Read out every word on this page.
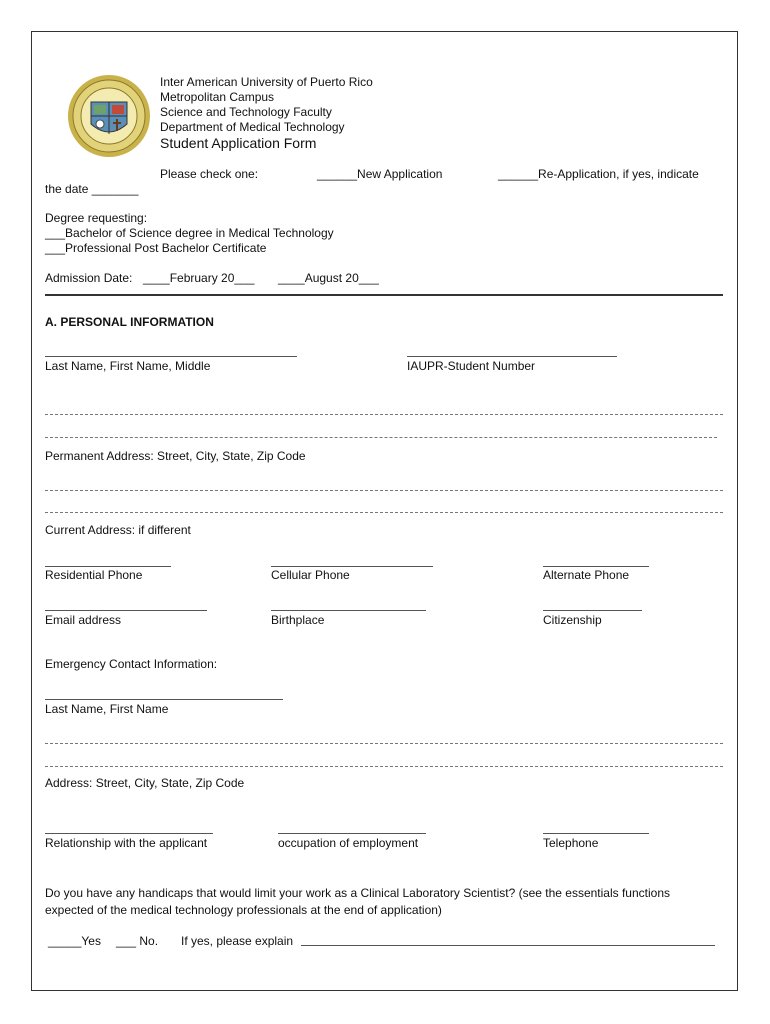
Inter American University of Puerto Rico
Metropolitan Campus
Science and Technology Faculty
Department of Medical Technology
Student Application Form
Please check one:	______New Application	______Re-Application, if yes, indicate
the date _______
Degree requesting:
___Bachelor of Science degree in Medical Technology
___Professional Post Bachelor Certificate
Admission Date: ____February 20___ ____August 20___
A. PERSONAL INFORMATION
Last Name, First Name, Middle	IAUPR-Student Number
Permanent Address: Street, City, State, Zip Code
Current Address: if different
Residential Phone	Cellular Phone	Alternate Phone
Email address	Birthplace	Citizenship
Emergency Contact Information:
Last Name, First Name
Address: Street, City, State, Zip Code
Relationship with the applicant	occupation of employment	Telephone
Do you have any handicaps that would limit your work as a Clinical Laboratory Scientist? (see the essentials functions
expected of the medical technology professionals at the end of application)
_____Yes ___ No. If yes, please explain
